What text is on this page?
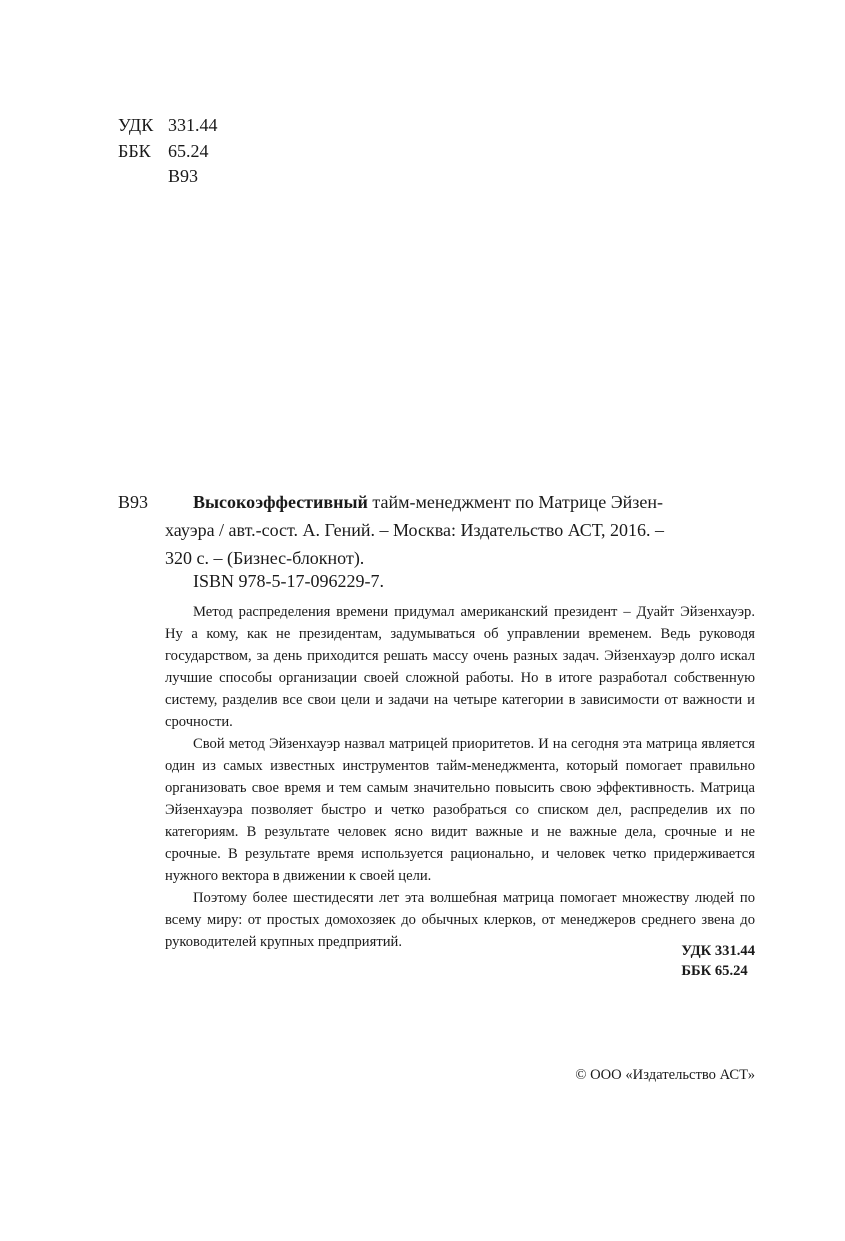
УДК 331.44
ББК 65.24
В93
В93	Высокоэффестивный тайм-менеджмент по Матрице Эйзен-
хауэра / авт.-сост. А. Гений. – Москва: Издательство АСТ, 2016. –
320 с. – (Бизнес-блокнот).
ISBN 978-5-17-096229-7.

Метод распределения времени придумал американский президент – Дуайт Эйзенхауэр. Ну а кому, как не президентам, задумываться об управлении временем. Ведь руководя государством, за день приходится решать массу очень разных задач. Эйзенхауэр долго искал лучшие способы организации своей сложной работы. Но в итоге разработал собственную систему, разделив все свои цели и задачи на четыре категории в зависимости от важности и срочности.

Свой метод Эйзенхауэр назвал матрицей приоритетов. И на сегодня эта матрица является один из самых известных инструментов тайм-менеджмента, который помогает правильно организовать свое время и тем самым значительно повысить свою эффективность. Матрица Эйзенхауэра позволяет быстро и четко разобраться со списком дел, распределив их по категориям. В результате человек ясно видит важные и не важные дела, срочные и не срочные. В результате время используется рационально, и человек четко придерживается нужного вектора в движении к своей цели.

Поэтому более шестидесяти лет эта волшебная матрица помогает множеству людей по всему миру: от простых домохозяек до обычных клерков, от менеджеров среднего звена до руководителей крупных предприятий.

УДК 331.44
ББК 65.24
© ООО «Издательство АСТ»
